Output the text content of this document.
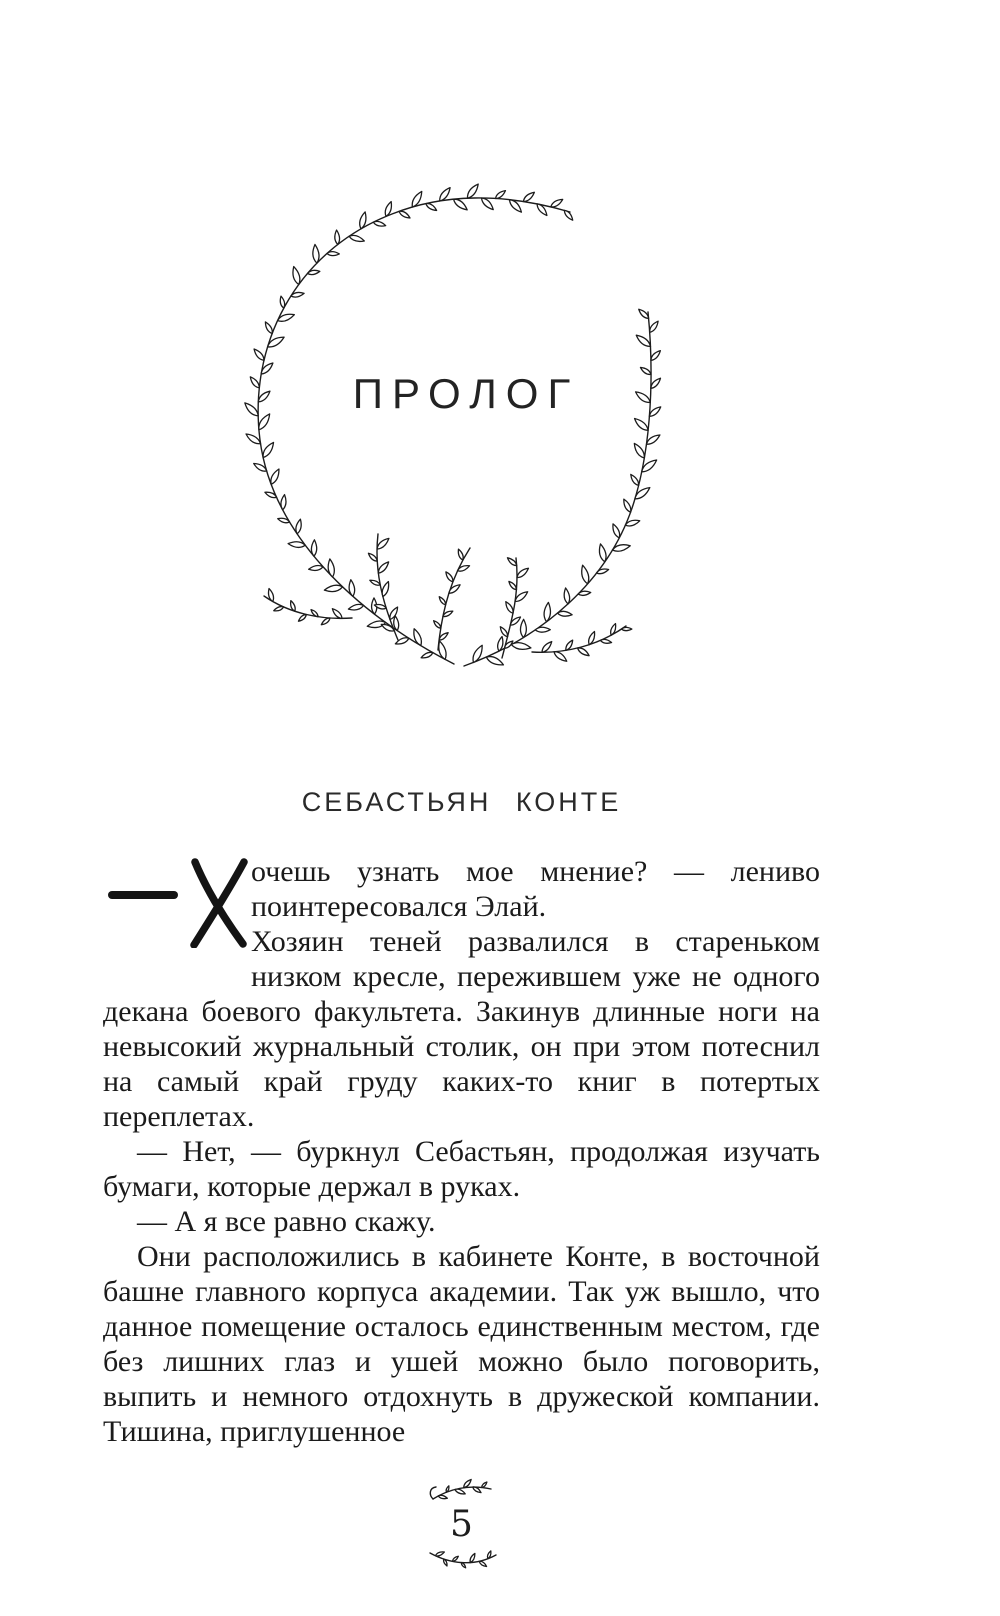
ПРОЛОГ
СЕБАСТЬЯН КОНТЕ

очешь узнать мое мнение? — лениво поинтересовался Элай.

Хозяин теней развалился в стареньком низком кресле, пережившем уже не одного декана боевого факультета. Закинув длинные ноги на невысокий журнальный столик, он при этом потеснил на самый край груду каких-то книг в потертых переплетах.

— Нет, — буркнул Себастьян, продолжая изучать бумаги, которые держал в руках.

— А я все равно скажу.

Они расположились в кабинете Конте, в восточной башне главного корпуса академии. Так уж вышло, что данное помещение осталось единственным местом, где без лишних глаз и ушей можно было поговорить, выпить и немного отдохнуть в дружеской компании. Тишина, приглушенное

5
